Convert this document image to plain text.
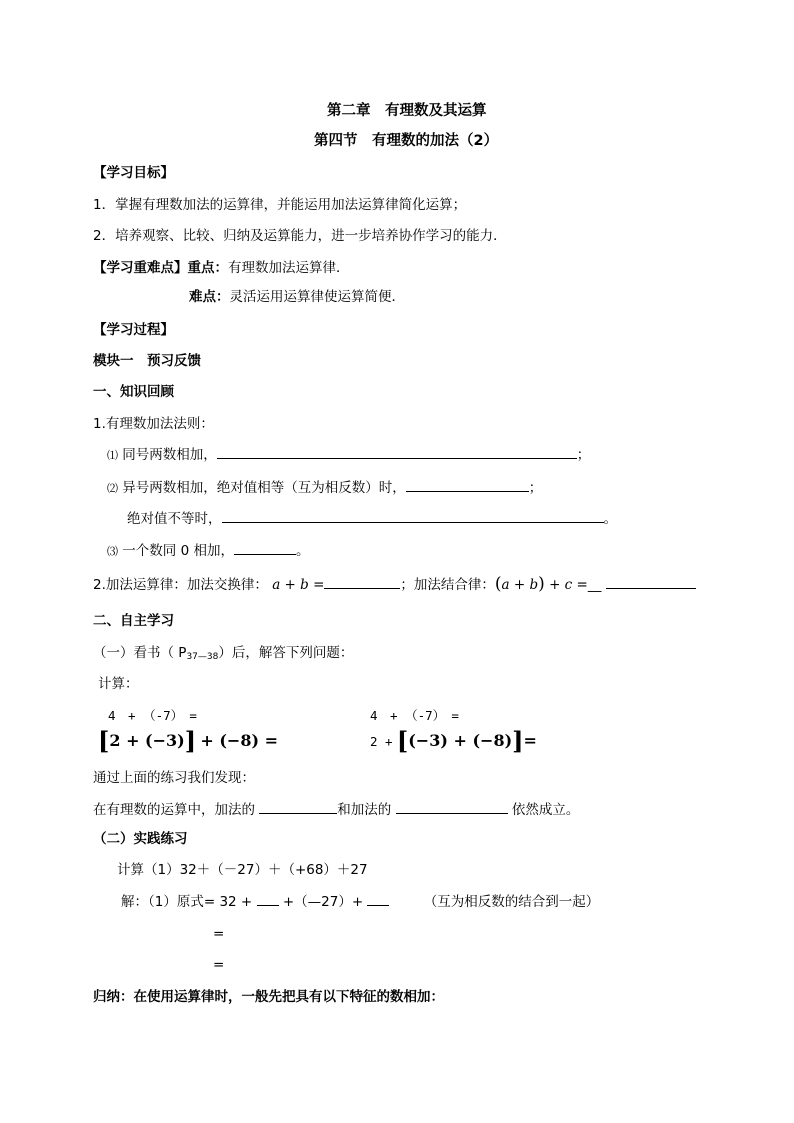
第二章　有理数及其运算
第四节　有理数的加法（2）
【学习目标】
1．掌握有理数加法的运算律，并能运用加法运算律简化运算；
2．培养观察、比较、归纳及运算能力，进一步培养协作学习的能力．
【学习重难点】重点：有理数加法运算律．
难点：灵活运用运算律使运算简便．
【学习过程】
模块一　预习反馈
一、知识回顾
1.有理数加法法则：
⑴ 同号两数相加，	；
⑵ 异号两数相加，绝对值相等（互为相反数）时，	；
绝对值不等时，	。
⑶ 一个数同 0 相加，	。
2.加法运算律：加法交换律： a + b =	；加法结合律：(a + b) + c =__
二、自主学习
（一）看书（ $P_{37—38}$）后，解答下列问题：
计算：
4　+ （-7）　=	4　+ （-7）　=
[2 + (−3)] + (−8) =	2 + [(−3) + (−8)]=
通过上面的练习我们发现：
在有理数的运算中，加法的	和加法的	依然成立。
（二）实践练习
计算（1）32＋（－27）＋（+68）＋27
解：（1）原式= 32 + +（—27）+	（互为相反数的结合到一起）
=
=
归纳：在使用运算律时，一般先把具有以下特征的数相加：
